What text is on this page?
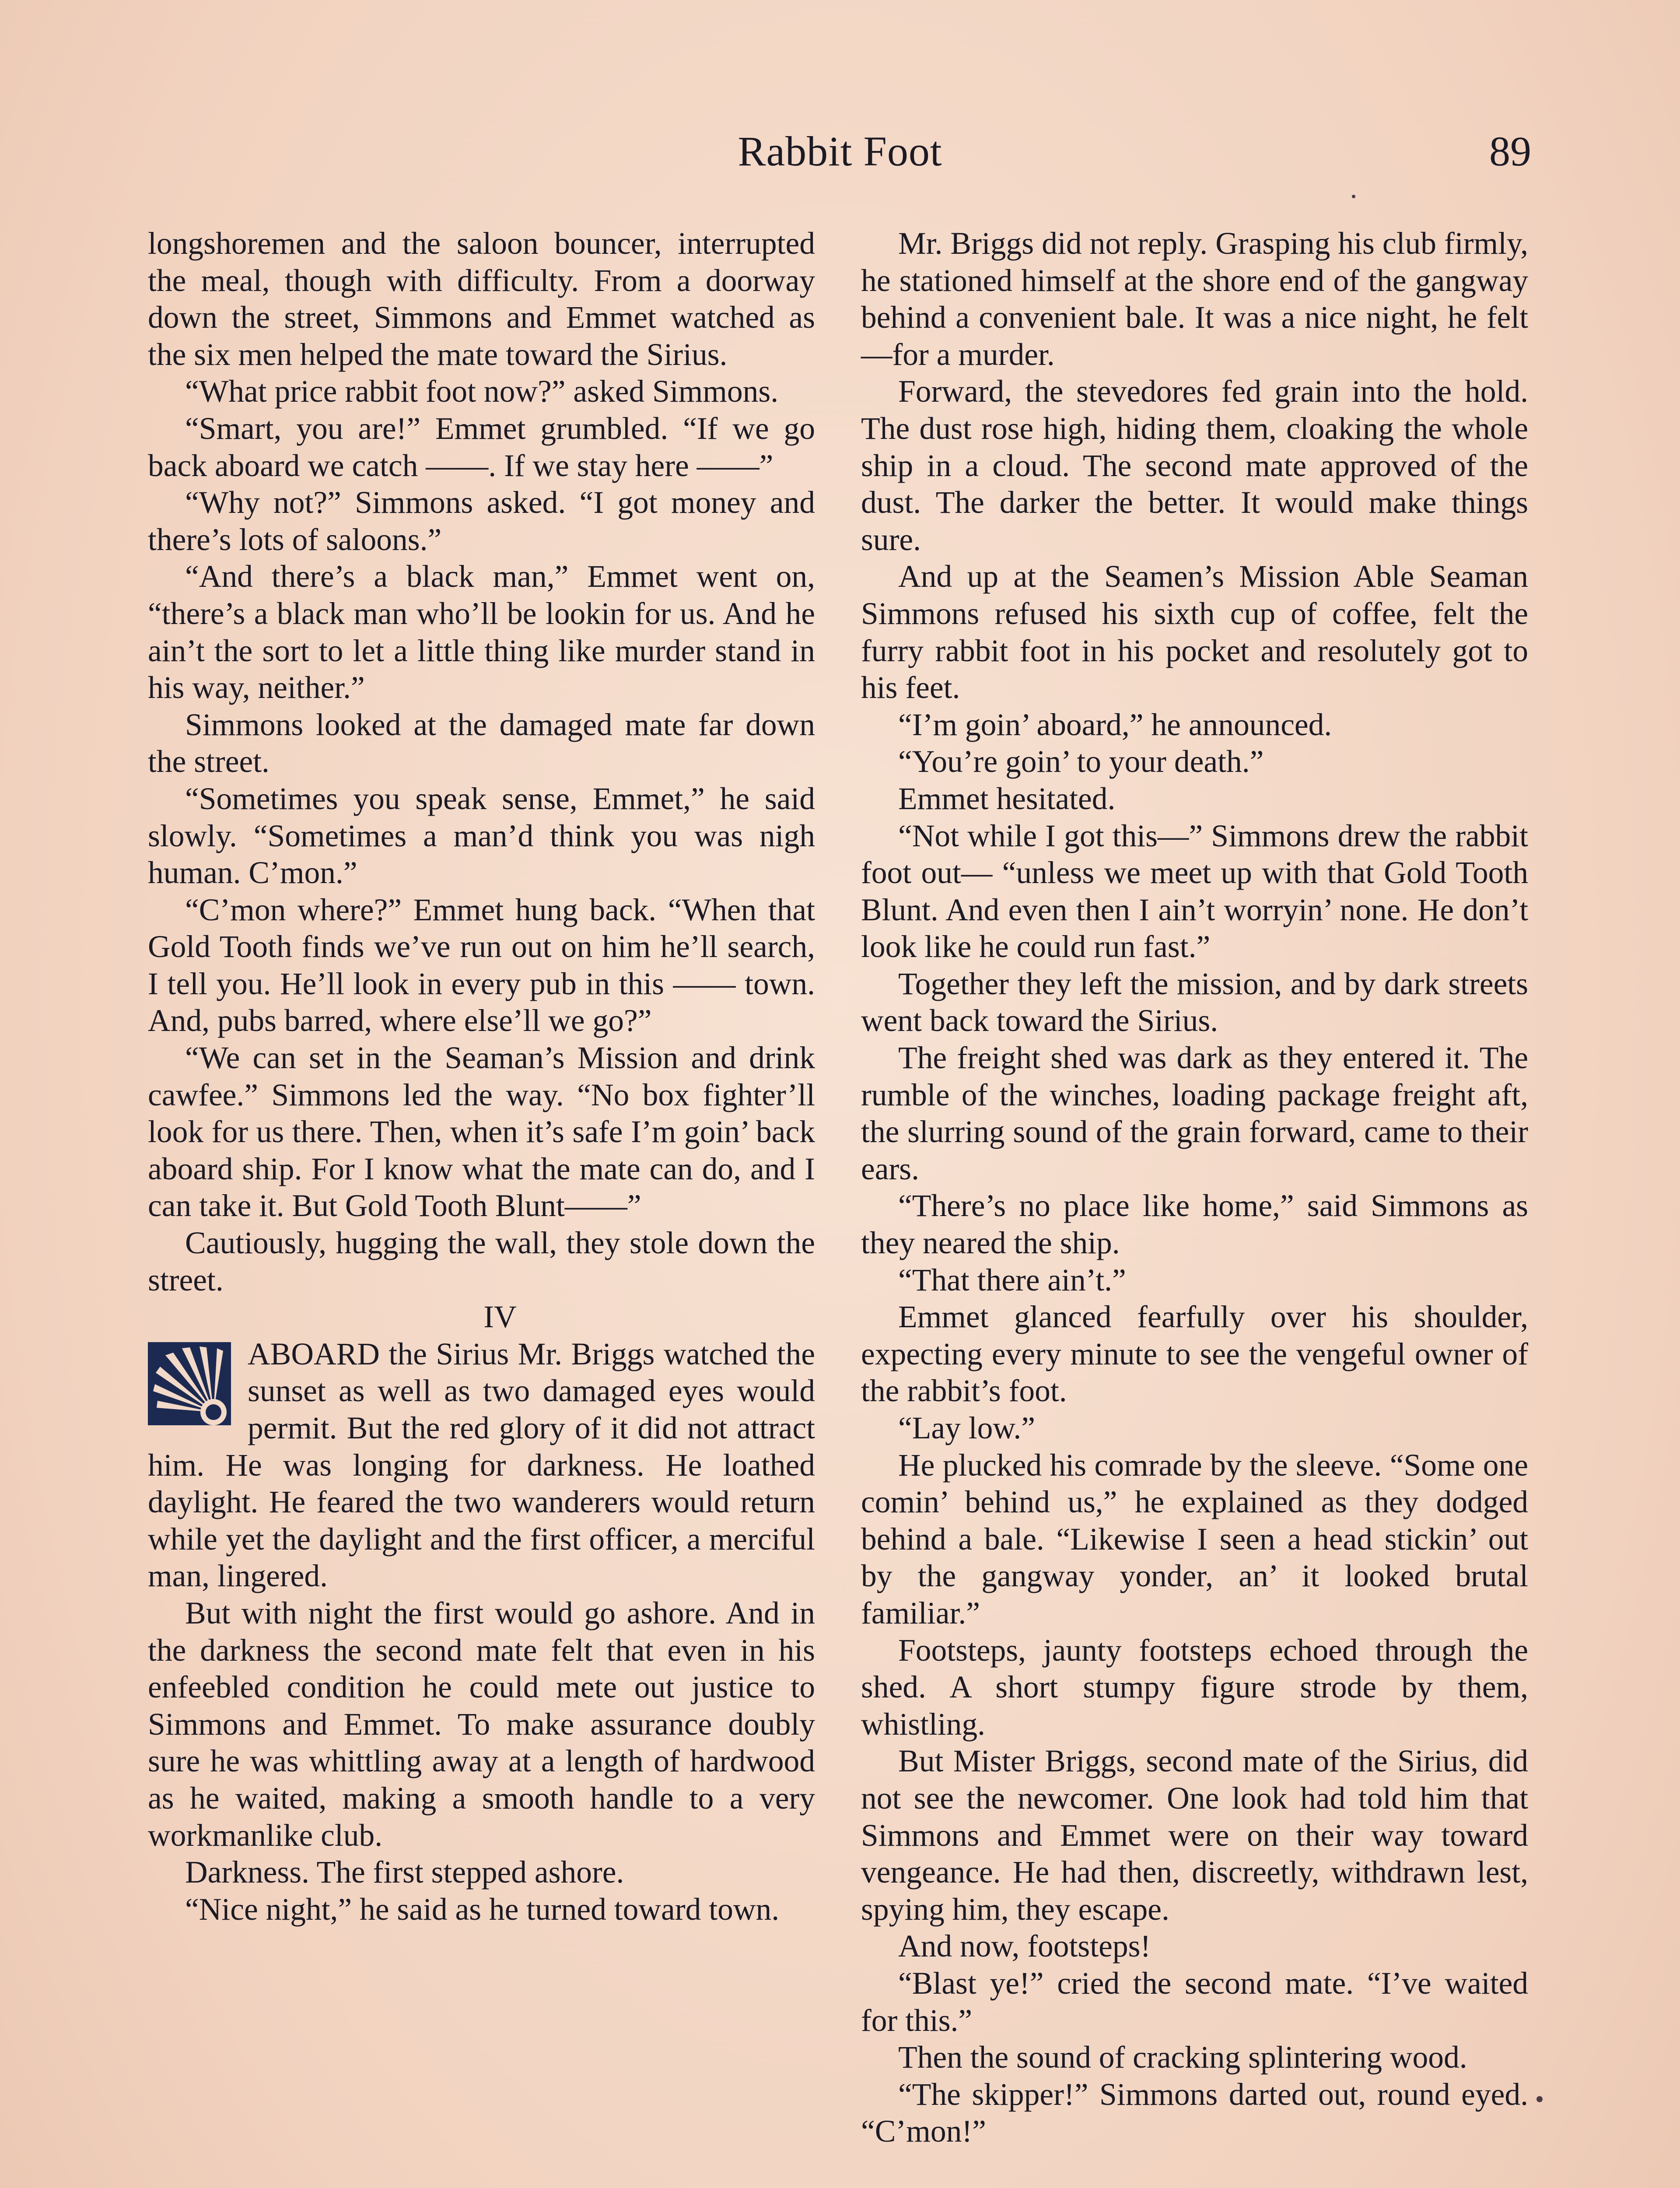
Rabbit Foot	89

longshoremen and the saloon bouncer, interrupted the meal, though with difficulty. From a doorway down the street, Simmons and Emmet watched as the six men helped the mate toward the Sirius.

“What price rabbit foot now?” asked Simmons.

“Smart, you are!” Emmet grumbled. “If we go back aboard we catch ——. If we stay here ——”

“Why not?” Simmons asked. “I got money and there’s lots of saloons.”

“And there’s a black man,” Emmet went on, “there’s a black man who’ll be lookin for us. And he ain’t the sort to let a little thing like murder stand in his way, neither.”

Simmons looked at the damaged mate far down the street.

“Sometimes you speak sense, Emmet,” he said slowly. “Sometimes a man’d think you was nigh human. C’mon.”

“C’mon where?” Emmet hung back. “When that Gold Tooth finds we’ve run out on him he’ll search, I tell you. He’ll look in every pub in this —— town. And, pubs barred, where else’ll we go?”

“We can set in the Seaman’s Mission and drink cawfee.” Simmons led the way. “No box fighter’ll look for us there. Then, when it’s safe I’m goin’ back aboard ship. For I know what the mate can do, and I can take it. But Gold Tooth Blunt——”

Cautiously, hugging the wall, they stole down the street.

IV

ABOARD the Sirius Mr. Briggs watched the sunset as well as two damaged eyes would permit. But the red glory of it did not attract him. He was longing for darkness. He loathed daylight. He feared the two wanderers would return while yet the daylight and the first officer, a merciful man, lingered.

But with night the first would go ashore. And in the darkness the second mate felt that even in his enfeebled condition he could mete out justice to Simmons and Emmet. To make assurance doubly sure he was whittling away at a length of hardwood as he waited, making a smooth handle to a very workmanlike club.

Darkness. The first stepped ashore.

“Nice night,” he said as he turned toward town.

Mr. Briggs did not reply. Grasping his club firmly, he stationed himself at the shore end of the gangway behind a convenient bale. It was a nice night, he felt—for a murder.

Forward, the stevedores fed grain into the hold. The dust rose high, hiding them, cloaking the whole ship in a cloud. The second mate approved of the dust. The darker the better. It would make things sure.

And up at the Seamen’s Mission Able Seaman Simmons refused his sixth cup of coffee, felt the furry rabbit foot in his pocket and resolutely got to his feet.

“I’m goin’ aboard,” he announced.

“You’re goin’ to your death.”

Emmet hesitated.

“Not while I got this—” Simmons drew the rabbit foot out— “unless we meet up with that Gold Tooth Blunt. And even then I ain’t worryin’ none. He don’t look like he could run fast.”

Together they left the mission, and by dark streets went back toward the Sirius.

The freight shed was dark as they entered it. The rumble of the winches, loading package freight aft, the slurring sound of the grain forward, came to their ears.

“There’s no place like home,” said Simmons as they neared the ship.

“That there ain’t.”

Emmet glanced fearfully over his shoulder, expecting every minute to see the vengeful owner of the rabbit’s foot.

“Lay low.”

He plucked his comrade by the sleeve. “Some one comin’ behind us,” he explained as they dodged behind a bale. “Likewise I seen a head stickin’ out by the gangway yonder, an’ it looked brutal familiar.”

Footsteps, jaunty footsteps echoed through the shed. A short stumpy figure strode by them, whistling.

But Mister Briggs, second mate of the Sirius, did not see the newcomer. One look had told him that Simmons and Emmet were on their way toward vengeance. He had then, discreetly, withdrawn lest, spying him, they escape.

And now, footsteps!

“Blast ye!” cried the second mate. “I’ve waited for this.”

Then the sound of cracking splintering wood.

“The skipper!” Simmons darted out, round eyed. “C’mon!”
